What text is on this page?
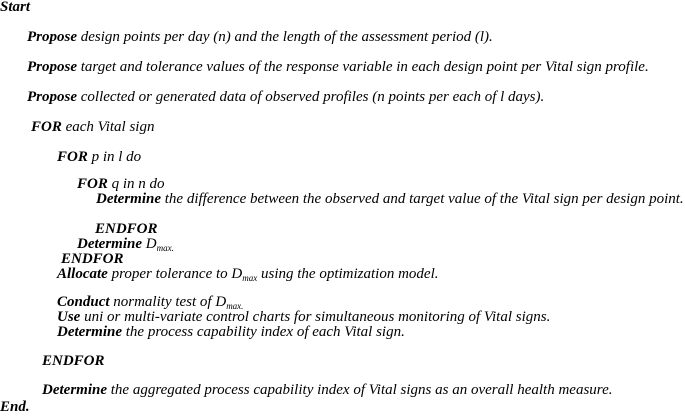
Start
Propose design points per day (n) and the length of the assessment period (l).
Propose target and tolerance values of the response variable in each design point per Vital sign profile.
Propose collected or generated data of observed profiles (n points per each of l days).
FOR each Vital sign
FOR p in l do
FOR q in n do
Determine the difference between the observed and target value of the Vital sign per design point.
ENDFOR
Determine $D_{max.}$
ENDFOR
Allocate proper tolerance to $D_{max}$ using the optimization model.
Conduct normality test of $D_{max.}$
Use uni or multi-variate control charts for simultaneous monitoring of Vital signs.
Determine the process capability index of each Vital sign.
ENDFOR
Determine the aggregated process capability index of Vital signs as an overall health measure.
End.
